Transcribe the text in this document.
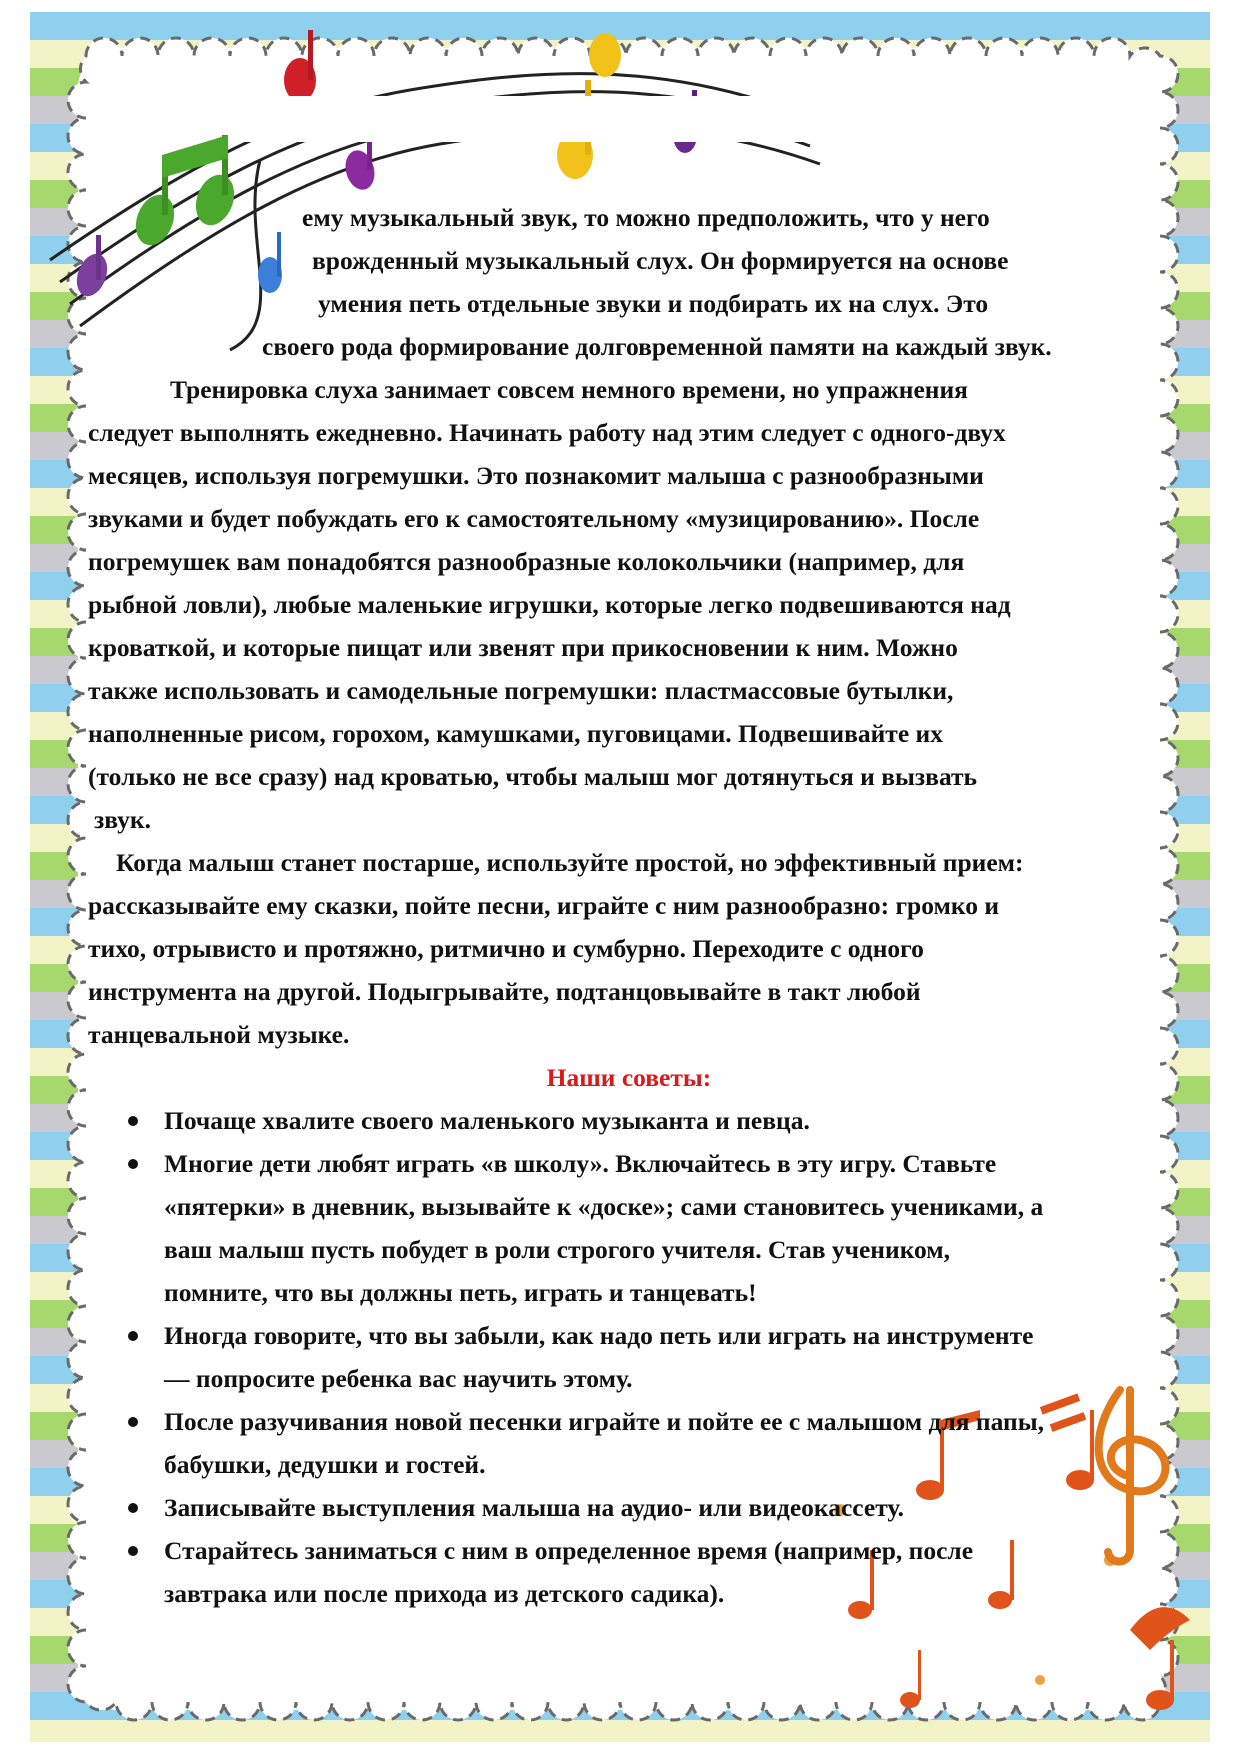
ему музыкальный звук, то можно предположить, что у него
врожденный музыкальный слух. Он формируется на основе
умения петь отдельные звуки и подбирать их на слух. Это
своего рода формирование долговременной памяти на каждый звук.
Тренировка слуха занимает совсем немного времени, но упражнения
следует выполнять ежедневно. Начинать работу над этим следует с одного-двух
месяцев, используя погремушки. Это познакомит малыша с разнообразными
звуками и будет побуждать его к самостоятельному «музицированию». После
погремушек вам понадобятся разнообразные колокольчики (например, для
рыбной ловли), любые маленькие игрушки, которые легко подвешиваются над
кроваткой, и которые пищат или звенят при прикосновении к ним. Можно
также использовать и самодельные погремушки: пластмассовые бутылки,
наполненные рисом, горохом, камушками, пуговицами. Подвешивайте их
(только не все сразу) над кроватью, чтобы малыш мог дотянуться и вызвать
звук.
Когда малыш станет постарше, используйте простой, но эффективный прием:
рассказывайте ему сказки, пойте песни, играйте с ним разнообразно: громко и
тихо, отрывисто и протяжно, ритмично и сумбурно. Переходите с одного
инструмента на другой. Подыгрывайте, подтанцовывайте в такт любой
танцевальной музыке.
Наши советы:
Почаще хвалите своего маленького музыканта и певца.
Многие дети любят играть «в школу». Включайтесь в эту игру. Ставьте
«пятерки» в дневник, вызывайте к «доске»; сами становитесь учениками, а
ваш малыш пусть побудет в роли строгого учителя. Став учеником,
помните, что вы должны петь, играть и танцевать!
Иногда говорите, что вы забыли, как надо петь или играть на инструменте
— попросите ребенка вас научить этому.
После разучивания новой песенки играйте и пойте ее с малышом для папы,
бабушки, дедушки и гостей.
Записывайте выступления малыша на аудио- или видеокассету.
Старайтесь заниматься с ним в определенное время (например, после
завтрака или после прихода из детского садика).
